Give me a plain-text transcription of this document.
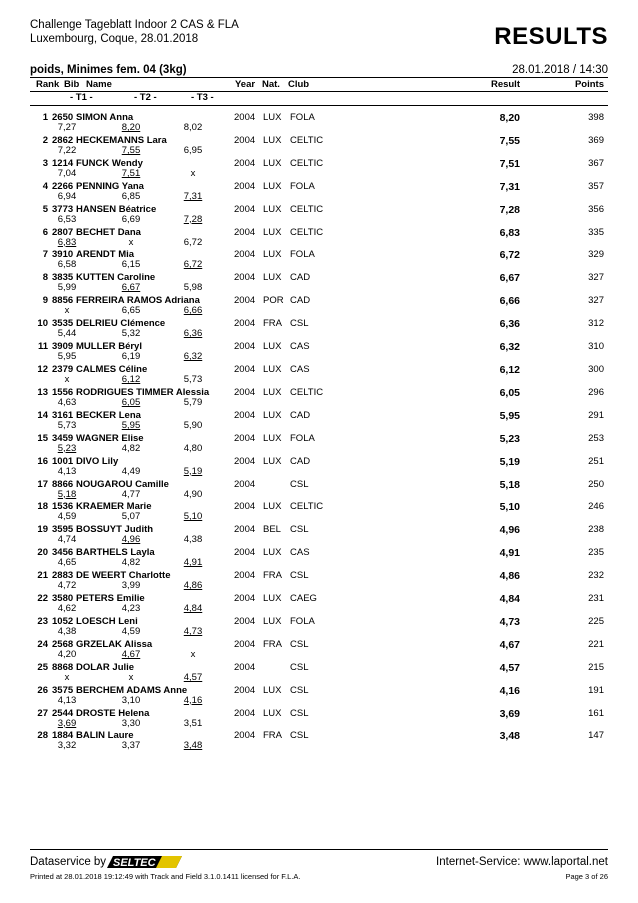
Challenge Tageblatt Indoor 2 CAS & FLA
Luxembourg, Coque, 28.01.2018	RESULTS
poids, Minimes fem. 04 (3kg)	28.01.2018 / 14:30
Rank Bib Name	Year Nat. Club	Result	Points
- T1 -	- T2 -	- T3 -
1 2650 SIMON Anna	2004 LUX FOLA	8,20	398
7,27	8,20	8,02
2 2862 HECKEMANNS Lara	2004 LUX CELTIC	7,55	369
7,22	7,55	6,95
3 1214 FUNCK Wendy	2004 LUX CELTIC	7,51	367
7,04	7,51	x
4 2266 PENNING Yana	2004 LUX FOLA	7,31	357
6,94	6,85	7,31
5 3773 HANSEN Béatrice	2004 LUX CELTIC	7,28	356
6,53	6,69	7,28
6 2807 BECHET Dana	2004 LUX CELTIC	6,83	335
6,83	x	6,72
7 3910 ARENDT Mia	2004 LUX FOLA	6,72	329
6,58	6,15	6,72
8 3835 KUTTEN Caroline	2004 LUX CAD	6,67	327
5,99	6,67	5,98
9 8856 FERREIRA RAMOS Adriana	2004 POR CAD	6,66	327
x	6,65	6,66
10 3535 DELRIEU Clémence	2004 FRA CSL	6,36	312
5,44	5,32	6,36
11 3909 MULLER Béryl	2004 LUX CAS	6,32	310
5,95	6,19	6,32
12 2379 CALMES Céline	2004 LUX CAS	6,12	300
x	6,12	5,73
13 1556 RODRIGUES TIMMER Alessia	2004 LUX CELTIC	6,05	296
4,63	6,05	5,79
14 3161 BECKER Lena	2004 LUX CAD	5,95	291
5,73	5,95	5,90
15 3459 WAGNER Elise	2004 LUX FOLA	5,23	253
5,23	4,82	4,80
16 1001 DIVO Lily	2004 LUX CAD	5,19	251
4,13	4,49	5,19
17 8866 NOUGAROU Camille	2004	CSL	5,18	250
5,18	4,77	4,90
18 1536 KRAEMER Marie	2004 LUX CELTIC	5,10	246
4,59	5,07	5,10
19 3595 BOSSUYT Judith	2004 BEL CSL	4,96	238
4,74	4,96	4,38
20 3456 BARTHELS Layla	2004 LUX CAS	4,91	235
4,65	4,82	4,91
21 2883 DE WEERT Charlotte	2004 FRA CSL	4,86	232
4,72	3,99	4,86
22 3580 PETERS Emilie	2004 LUX CAEG	4,84	231
4,62	4,23	4,84
23 1052 LOESCH Leni	2004 LUX FOLA	4,73	225
4,38	4,59	4,73
24 2568 GRZELAK Alissa	2004 FRA CSL	4,67	221
4,20	4,67	x
25 8868 DOLAR Julie	2004	CSL	4,57	215
x	x	4,57
26 3575 BERCHEM ADAMS Anne	2004 LUX CSL	4,16	191
4,13	3,10	4,16
27 2544 DROSTE Helena	2004 LUX CSL	3,69	161
3,69	3,30	3,51
28 1884 BALIN Laure	2004 FRA CSL	3,48	147
3,32	3,37	3,48
Dataservice by SELTEC	Internet-Service: www.laportal.net
Printed at 28.01.2018 19:12:49 with Track and Field 3.1.0.1411 licensed for F.L.A.	Page 3 of 26
